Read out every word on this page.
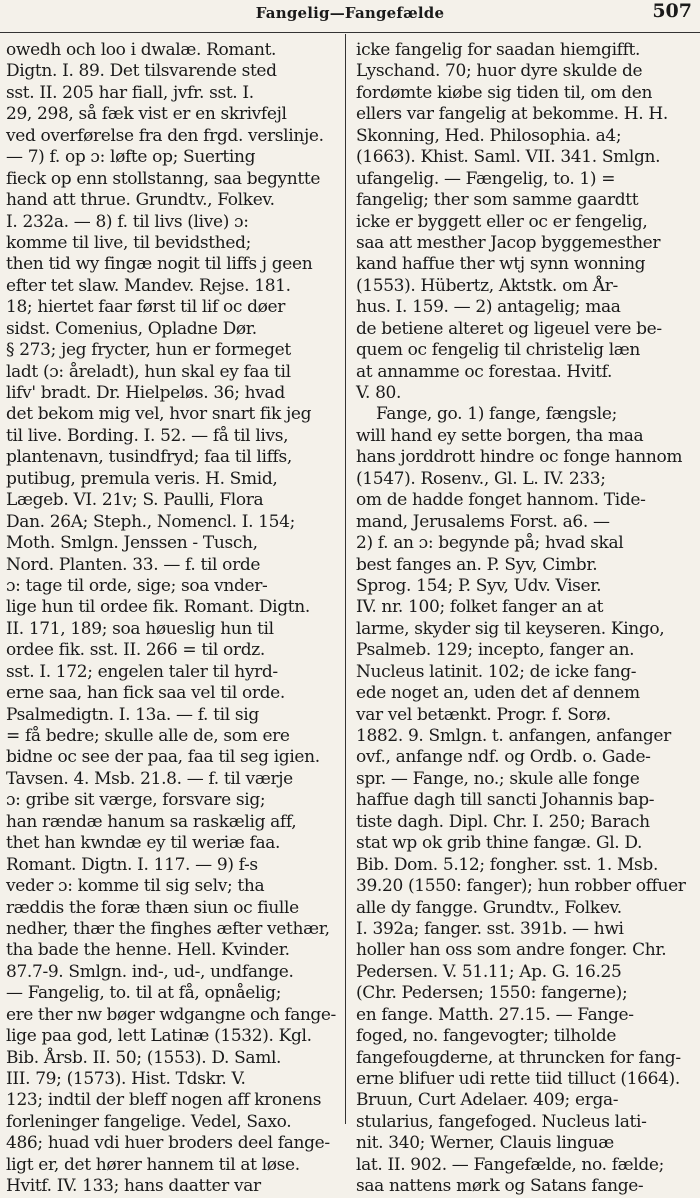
Fangelig—Fangefælde	507
owedh och loo i dwalæ. Romant.
Digtn. I. 89. Det tilsvarende sted
sst. II. 205 har fiall, jvfr. sst. I.
29, 298, så fæk vist er en skrivfejl
ved overførelse fra den frgd. verslinje.
— 7) f. op ɔ: løfte op; Suerting
fieck op enn stollstanng, saa begyntte
hand att thrue. Grundtv., Folkev.
I. 232a. — 8) f. til livs (live) ɔ:
komme til live, til bevidsthed;
then tid wy fingæ nogit til liffs j geen
efter tet slaw. Mandev. Rejse. 181.
18; hiertet faar først til lif oc døer
sidst. Comenius, Opladne Dør.
§ 273; jeg frycter, hun er formeget
ladt (ɔ: åreladt), hun skal ey faa til
lifv' bradt. Dr. Hielpeløs. 36; hvad
det bekom mig vel, hvor snart fik jeg
til live. Bording. I. 52. — få til livs,
plantenavn, tusindfryd; faa til liffs,
putibug, premula veris. H. Smid,
Lægeb. VI. 21v; S. Paulli, Flora
Dan. 26A; Steph., Nomencl. I. 154;
Moth. Smlgn. Jenssen - Tusch,
Nord. Planten. 33. — f. til orde
ɔ: tage til orde, sige; soa vnder-
lige hun til ordee fik. Romant. Digtn.
II. 171, 189; soa høueslig hun til
ordee fik. sst. II. 266 = til ordz.
sst. I. 172; engelen taler til hyrd-
erne saa, han fick saa vel til orde.
Psalmedigtn. I. 13a. — f. til sig
= få bedre; skulle alle de, som ere
bidne oc see der paa, faa til seg igien.
Tavsen. 4. Msb. 21.8. — f. til værje
ɔ: gribe sit værge, forsvare sig;
han rændæ hanum sa raskælig aff,
thet han kwndæ ey til weriæ faa.
Romant. Digtn. I. 117. — 9) f-s
veder ɔ: komme til sig selv; tha
ræddis the foræ thæn siun oc fiulle
nedher, thær the finghes æfter vethær,
tha bade the henne. Hell. Kvinder.
87.7-9. Smlgn. ind-, ud-, undfange.
— Fangelig, to. til at få, opnåelig;
ere ther nw bøger wdgangne och fange-
lige paa god, lett Latinæ (1532). Kgl.
Bib. Årsb. II. 50; (1553). D. Saml.
III. 79; (1573). Hist. Tdskr. V.
123; indtil der bleff nogen aff kronens
forleninger fangelige. Vedel, Saxo.
486; huad vdi huer broders deel fange-
ligt er, det hører hannem til at løse.
Hvitf. IV. 133; hans daatter var
icke fangelig for saadan hiemgifft.
Lyschand. 70; huor dyre skulde de
fordømte kiøbe sig tiden til, om den
ellers var fangelig at bekomme. H. H.
Skonning, Hed. Philosophia. a4;
(1663). Khist. Saml. VII. 341. Smlgn.
ufangelig. — Fængelig, to. 1) =
fangelig; ther som samme gaardtt
icke er byggett eller oc er fengelig,
saa att mesther Jacop byggemesther
kand haffue ther wtj synn wonning
(1553). Hübertz, Aktstk. om År-
hus. I. 159. — 2) antagelig; maa
de betiene alteret og ligeuel vere be-
quem oc fengelig til christelig læn
at annamme oc forestaa. Hvitf.
V. 80.
Fange, go. 1) fange, fængsle;
will hand ey sette borgen, tha maa
hans jorddrott hindre oc fonge hannom
(1547). Rosenv., Gl. L. IV. 233;
om de hadde fonget hannom. Tide-
mand, Jerusalems Forst. a6. —
2) f. an ɔ: begynde på; hvad skal
best fanges an. P. Syv, Cimbr.
Sprog. 154; P. Syv, Udv. Viser.
IV. nr. 100; folket fanger an at
larme, skyder sig til keyseren. Kingo,
Psalmeb. 129; incepto, fanger an.
Nucleus latinit. 102; de icke fang-
ede noget an, uden det af dennem
var vel betænkt. Progr. f. Sorø.
1882. 9. Smlgn. t. anfangen, anfanger
ovf., anfange ndf. og Ordb. o. Gade-
spr. — Fange, no.; skule alle fonge
haffue dagh till sancti Johannis bap-
tiste dagh. Dipl. Chr. I. 250; Barach
stat wp ok grib thine fangæ. Gl. D.
Bib. Dom. 5.12; fongher. sst. 1. Msb.
39.20 (1550: fanger); hun robber offuer
alle dy fangge. Grundtv., Folkev.
I. 392a; fanger. sst. 391b. — hwi
holler han oss som andre fonger. Chr.
Pedersen. V. 51.11; Ap. G. 16.25
(Chr. Pedersen; 1550: fangerne);
en fange. Matth. 27.15. — Fange-
foged, no. fangevogter; tilholde
fangefougderne, at thruncken for fang-
erne blifuer udi rette tiid tilluct (1664).
Bruun, Curt Adelaer. 409; erga-
stularius, fangefoged. Nucleus lati-
nit. 340; Werner, Clauis linguæ
lat. II. 902. — Fangefælde, no. fælde;
saa nattens mørk og Satans fange-
